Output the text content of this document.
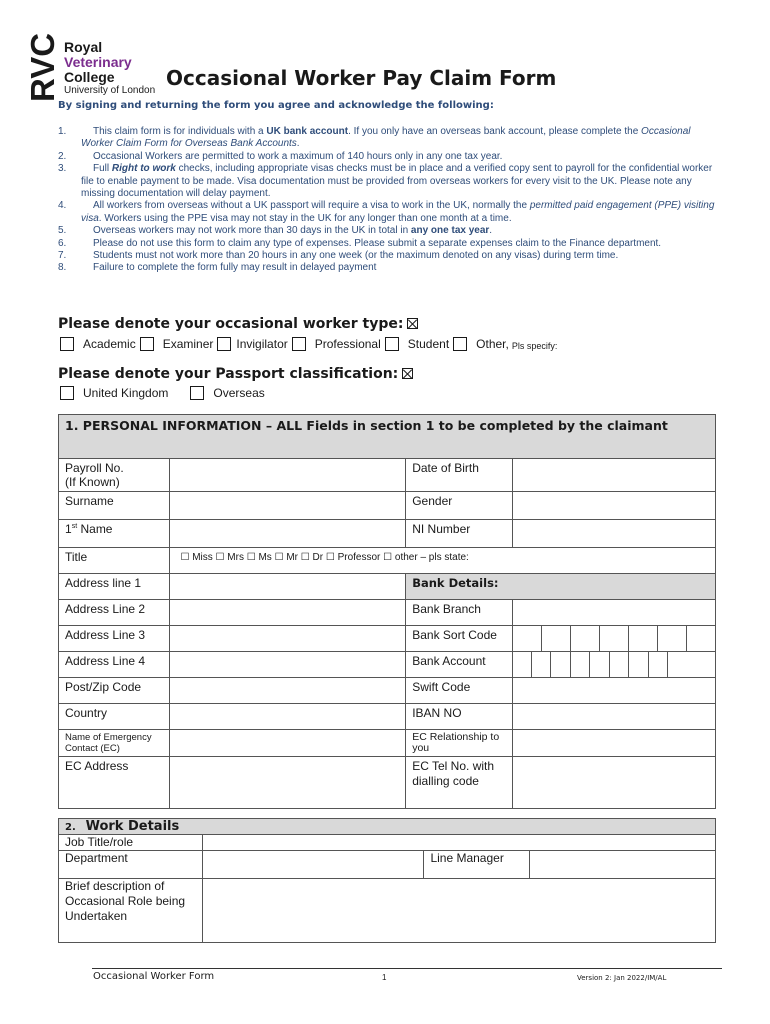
RVC Royal
Veterinary
College
University of London
Occasional Worker Pay Claim Form
By signing and returning the form you agree and acknowledge the following:
1.	This claim form is for individuals with a UK bank account. If you only have an overseas bank account, please complete the Occasional Worker Claim Form for Overseas Bank Accounts.
2.	Occasional Workers are permitted to work a maximum of 140 hours only in any one tax year.
3.	Full Right to work checks, including appropriate visas checks must be in place and a verified copy sent to payroll for the confidential worker file to enable payment to be made. Visa documentation must be provided from overseas workers for every visit to the UK. Please note any missing documentation will delay payment.
4.	All workers from overseas without a UK passport will require a visa to work in the UK, normally the permitted paid engagement (PPE) visiting visa. Workers using the PPE visa may not stay in the UK for any longer than one month at a time.
5.	Overseas workers may not work more than 30 days in the UK in total in any one tax year.
6.	Please do not use this form to claim any type of expenses. Please submit a separate expenses claim to the Finance department.
7.	Students must not work more than 20 hours in any one week (or the maximum denoted on any visas) during term time.
8.	Failure to complete the form fully may result in delayed payment
Please denote your occasional worker type:
Academic Examiner Invigilator Professional Student Other, Pls specify:
Please denote your Passport classification:
United Kingdom	Overseas
1. PERSONAL INFORMATION – ALL Fields in section 1 to be completed by the claimant			

Payroll No.
(If Known)		Date of Birth	
Surname		Gender	
1st Name		NI Number	
Title	☐ Miss ☐ Mrs ☐ Ms ☐ Mr ☐ Dr ☐ Professor ☐ other – pls state:		
Address line 1		Bank Details:	
Address Line 2		Bank Branch	
Address Line 3		Bank Sort Code	

Address Line 4		Bank Account	

Post/Zip Code		Swift Code	
Country		IBAN NO	
Name of Emergency Contact (EC)		EC Relationship to you	
EC Address		EC Tel No. with dialling code	
2. Work Details			
Job Title/role			
Department		Line Manager	
Brief description of Occasional Role being Undertaken			
Occasional Worker Form	1	Version 2: Jan 2022/IM/AL
